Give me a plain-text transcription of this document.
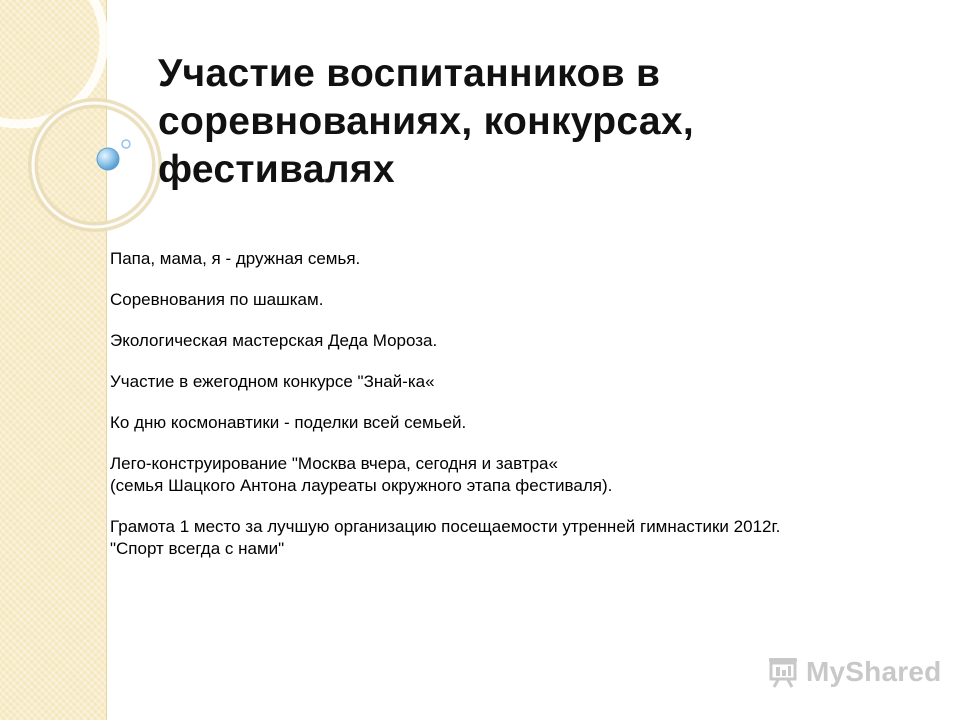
Участие воспитанников в соревнованиях, конкурсах, фестивалях
Папа, мама, я - дружная семья.
Соревнования по шашкам.
Экологическая мастерская Деда Мороза.
Участие в ежегодном конкурсе "Знай-ка«
Ко дню космонавтики - поделки всей семьей.
Лего-конструирование "Москва вчера, сегодня и завтра«
(семья Шацкого Антона лауреаты окружного этапа фестиваля).
Грамота 1 место за лучшую организацию посещаемости утренней гимнастики 2012г.
"Спорт всегда с нами"
MyShared
